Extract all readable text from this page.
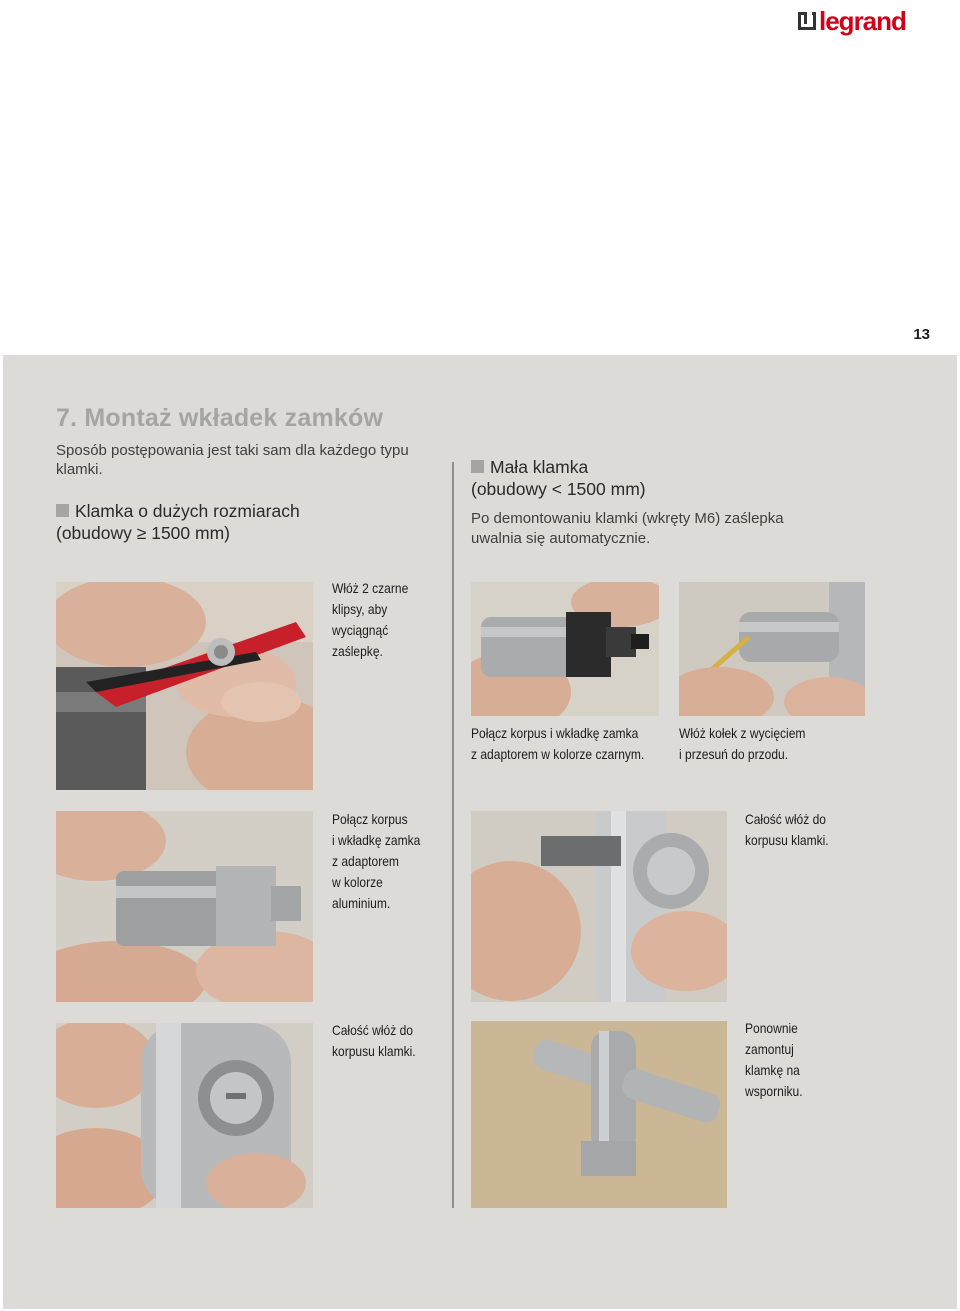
legrand
13
7. Montaż wkładek zamków
Sposób postępowania jest taki sam dla każdego typu klamki.
Klamka o dużych rozmiarach
(obudowy ≥ 1500 mm)
Mała klamka
(obudowy < 1500 mm)
Po demontowaniu klamki (wkręty M6) zaślepka
uwalnia się automatycznie.
Włóż 2 czarne
klipsy, aby
wyciągnąć
zaślepkę.
Połącz korpus i wkładkę zamka
z adaptorem w kolorze czarnym.
Włóż kołek z wycięciem
i przesuń do przodu.
Połącz korpus
i wkładkę zamka
z adaptorem
w kolorze
aluminium.
Całość włóż do
korpusu klamki.
Całość włóż do
korpusu klamki.
Ponownie
zamontuj
klamkę na
wsporniku.
